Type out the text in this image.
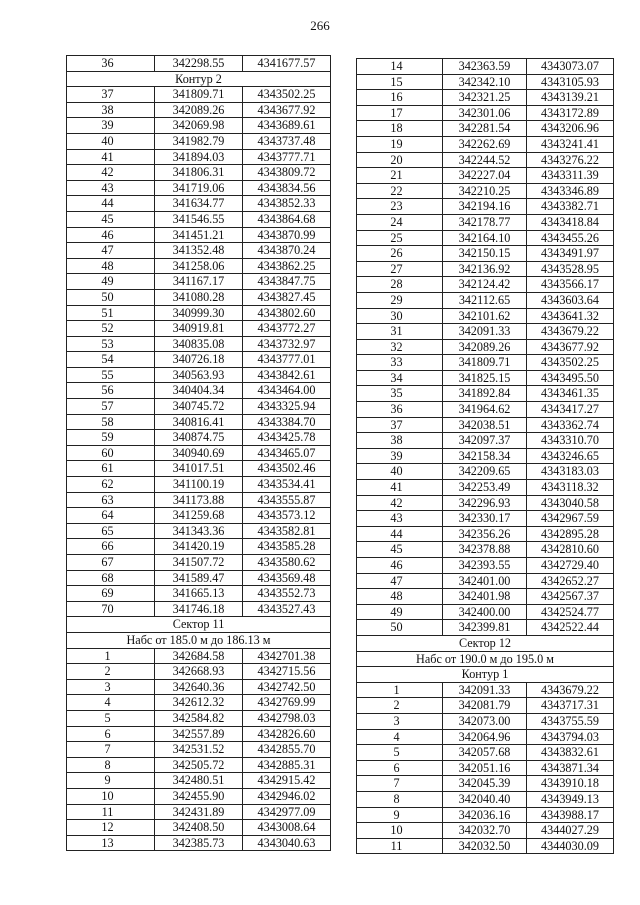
266
36	342298.55	4341677.57
Контур 2		
37	341809.71	4343502.25
38	342089.26	4343677.92
39	342069.98	4343689.61
40	341982.79	4343737.48
41	341894.03	4343777.71
42	341806.31	4343809.72
43	341719.06	4343834.56
44	341634.77	4343852.33
45	341546.55	4343864.68
46	341451.21	4343870.99
47	341352.48	4343870.24
48	341258.06	4343862.25
49	341167.17	4343847.75
50	341080.28	4343827.45
51	340999.30	4343802.60
52	340919.81	4343772.27
53	340835.08	4343732.97
54	340726.18	4343777.01
55	340563.93	4343842.61
56	340404.34	4343464.00
57	340745.72	4343325.94
58	340816.41	4343384.70
59	340874.75	4343425.78
60	340940.69	4343465.07
61	341017.51	4343502.46
62	341100.19	4343534.41
63	341173.88	4343555.87
64	341259.68	4343573.12
65	341343.36	4343582.81
66	341420.19	4343585.28
67	341507.72	4343580.62
68	341589.47	4343569.48
69	341665.13	4343552.73
70	341746.18	4343527.43
Сектор 11		
Набс от 185.0 м до 186.13 м		
1	342684.58	4342701.38
2	342668.93	4342715.56
3	342640.36	4342742.50
4	342612.32	4342769.99
5	342584.82	4342798.03
6	342557.89	4342826.60
7	342531.52	4342855.70
8	342505.72	4342885.31
9	342480.51	4342915.42
10	342455.90	4342946.02
11	342431.89	4342977.09
12	342408.50	4343008.64
13	342385.73	4343040.63
14	342363.59	4343073.07
15	342342.10	4343105.93
16	342321.25	4343139.21
17	342301.06	4343172.89
18	342281.54	4343206.96
19	342262.69	4343241.41
20	342244.52	4343276.22
21	342227.04	4343311.39
22	342210.25	4343346.89
23	342194.16	4343382.71
24	342178.77	4343418.84
25	342164.10	4343455.26
26	342150.15	4343491.97
27	342136.92	4343528.95
28	342124.42	4343566.17
29	342112.65	4343603.64
30	342101.62	4343641.32
31	342091.33	4343679.22
32	342089.26	4343677.92
33	341809.71	4343502.25
34	341825.15	4343495.50
35	341892.84	4343461.35
36	341964.62	4343417.27
37	342038.51	4343362.74
38	342097.37	4343310.70
39	342158.34	4343246.65
40	342209.65	4343183.03
41	342253.49	4343118.32
42	342296.93	4343040.58
43	342330.17	4342967.59
44	342356.26	4342895.28
45	342378.88	4342810.60
46	342393.55	4342729.40
47	342401.00	4342652.27
48	342401.98	4342567.37
49	342400.00	4342524.77
50	342399.81	4342522.44
Сектор 12		
Набс от 190.0 м до 195.0 м		
Контур 1		
1	342091.33	4343679.22
2	342081.79	4343717.31
3	342073.00	4343755.59
4	342064.96	4343794.03
5	342057.68	4343832.61
6	342051.16	4343871.34
7	342045.39	4343910.18
8	342040.40	4343949.13
9	342036.16	4343988.17
10	342032.70	4344027.29
11	342032.50	4344030.09
